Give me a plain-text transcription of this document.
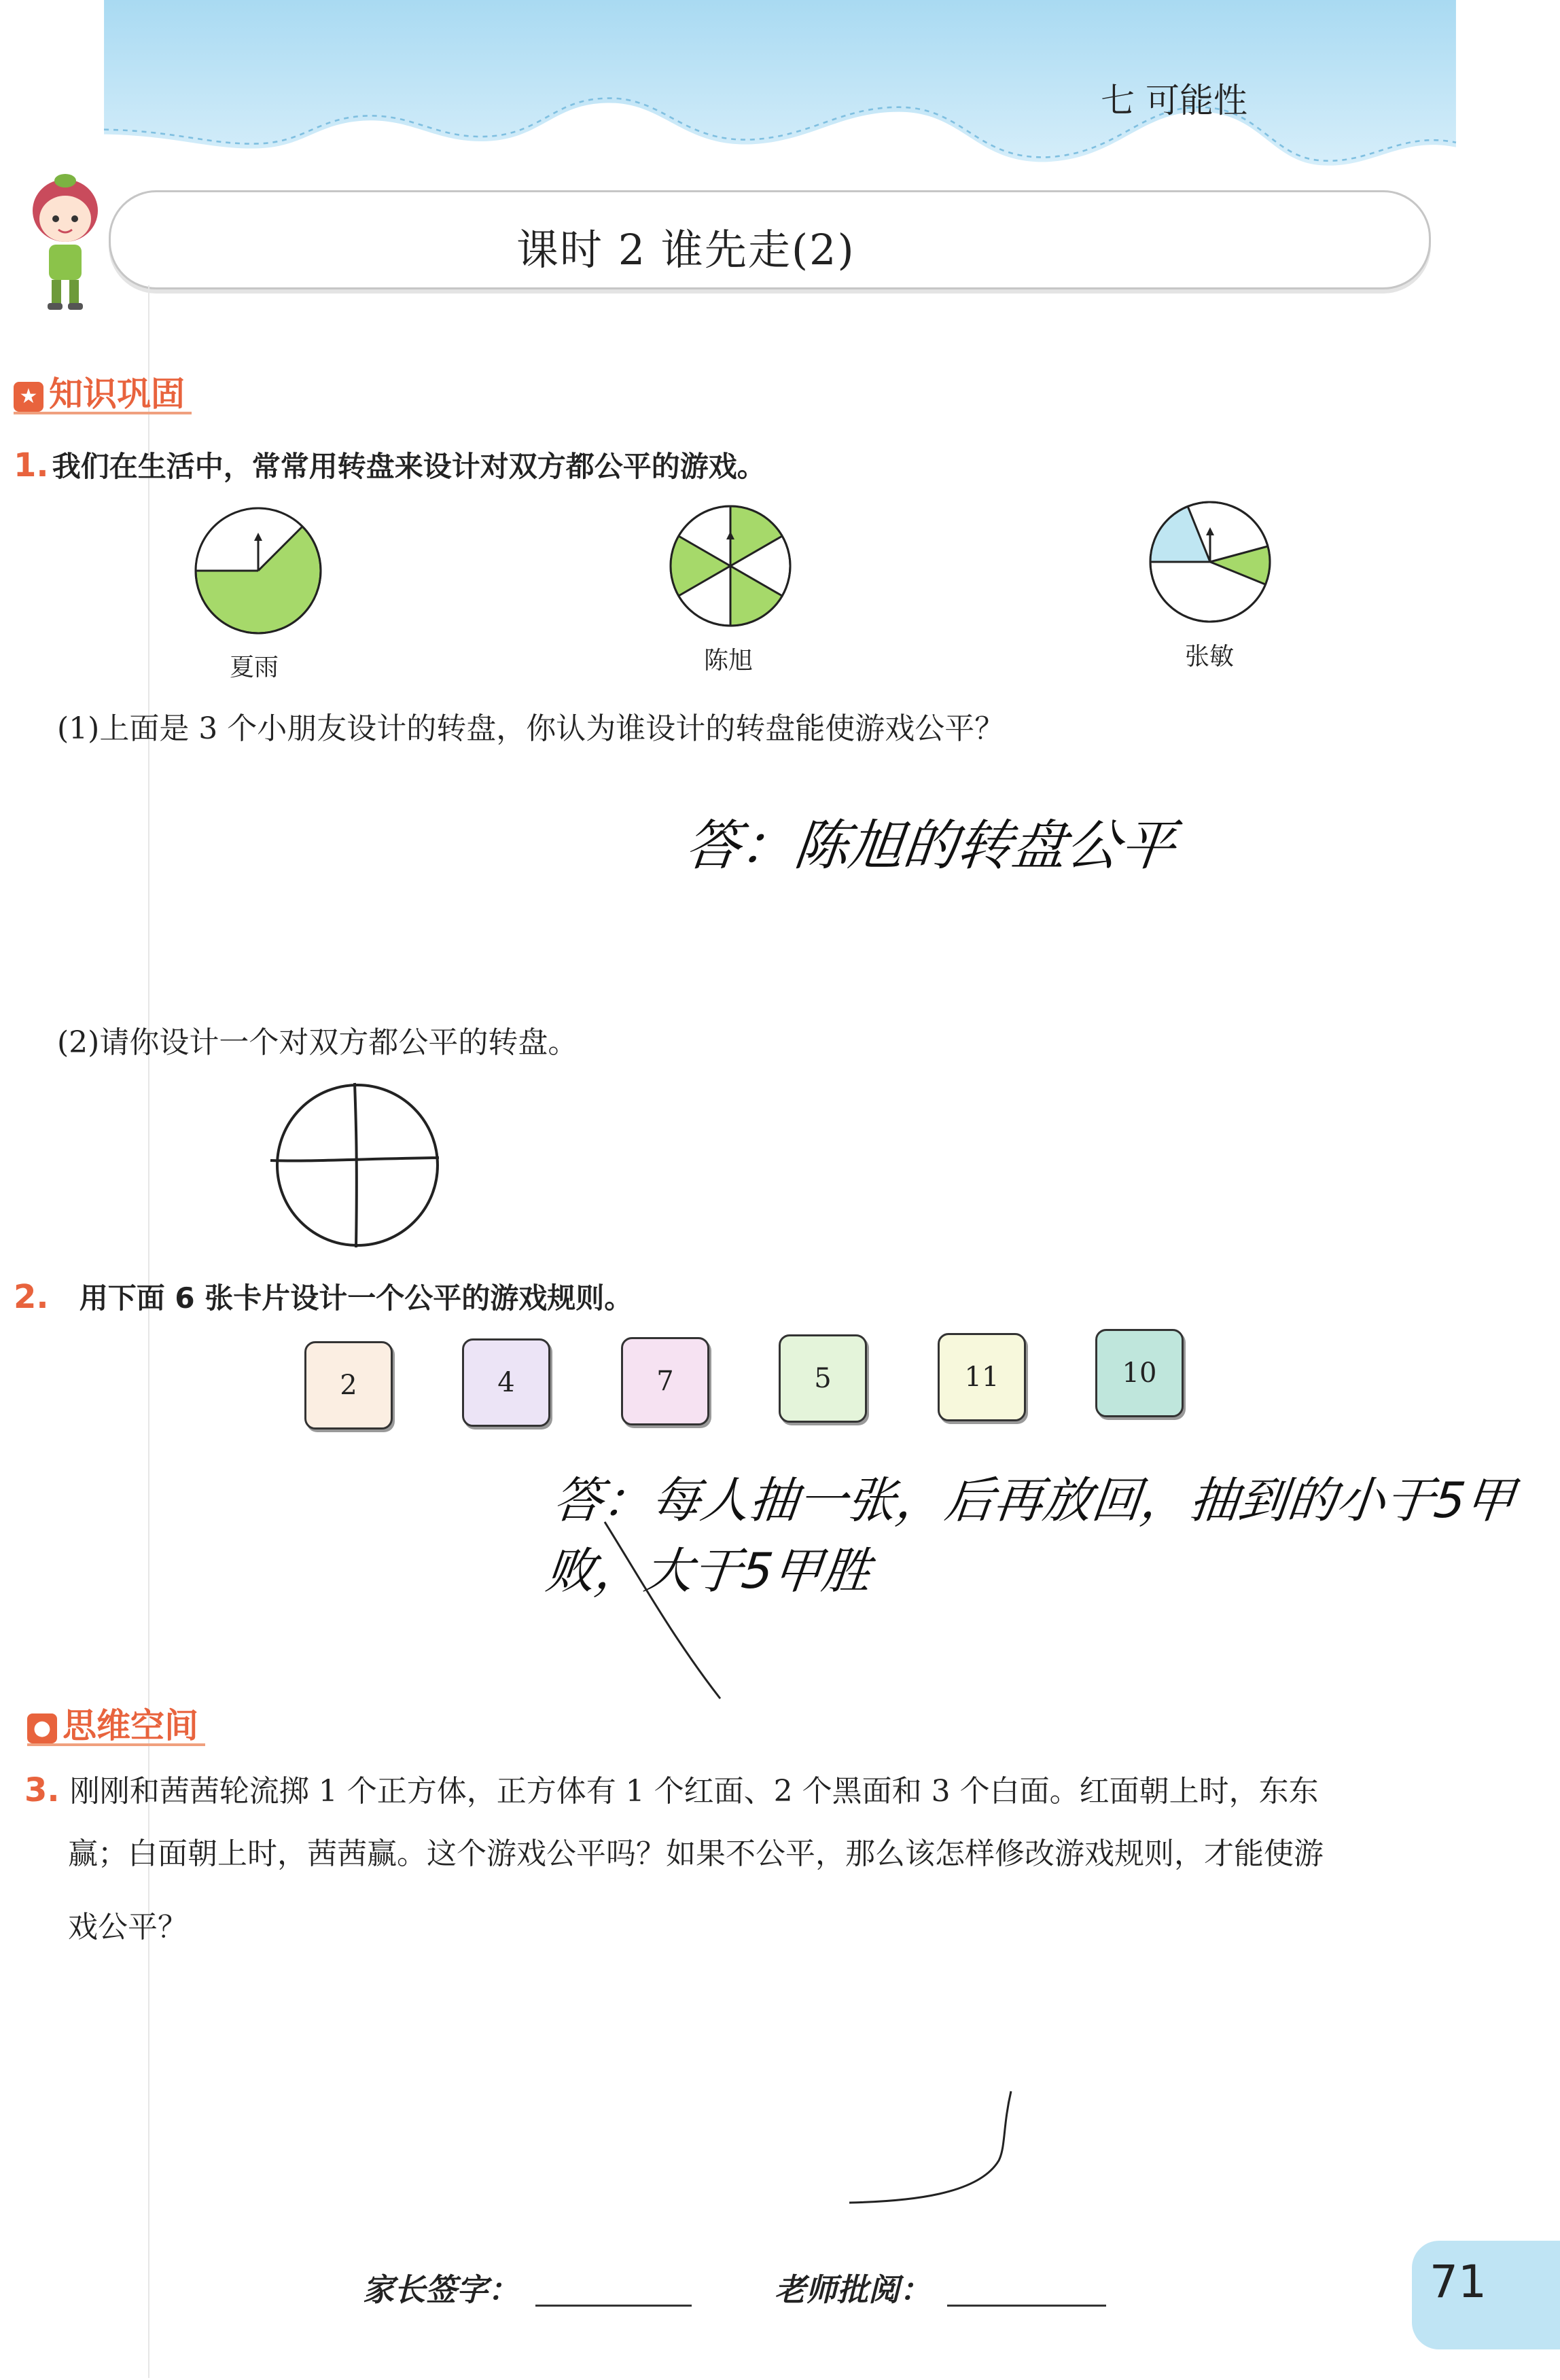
七 可能性
课时 2 谁先走(2)
★ 知识巩固
1. 我们在生活中，常常用转盘来设计对双方都公平的游戏。
夏雨	陈旭	张敏
(1)上面是 3 个小朋友设计的转盘，你认为谁设计的转盘能使游戏公平？
答：陈旭的转盘公平
(2)请你设计一个对双方都公平的转盘。
2. 用下面 6 张卡片设计一个公平的游戏规则。
2	4	7	5	11	10
答：每人抽一张，后再放回，抽到的小于5甲败，大于5甲胜
● 思维空间
3. 刚刚和茜茜轮流掷 1 个正方体，正方体有 1 个红面、2 个黑面和 3 个白面。红面朝上时，东东
赢；白面朝上时，茜茜赢。这个游戏公平吗？如果不公平，那么该怎样修改游戏规则，才能使游
戏公平？
家长签字：	老师批阅：	71
